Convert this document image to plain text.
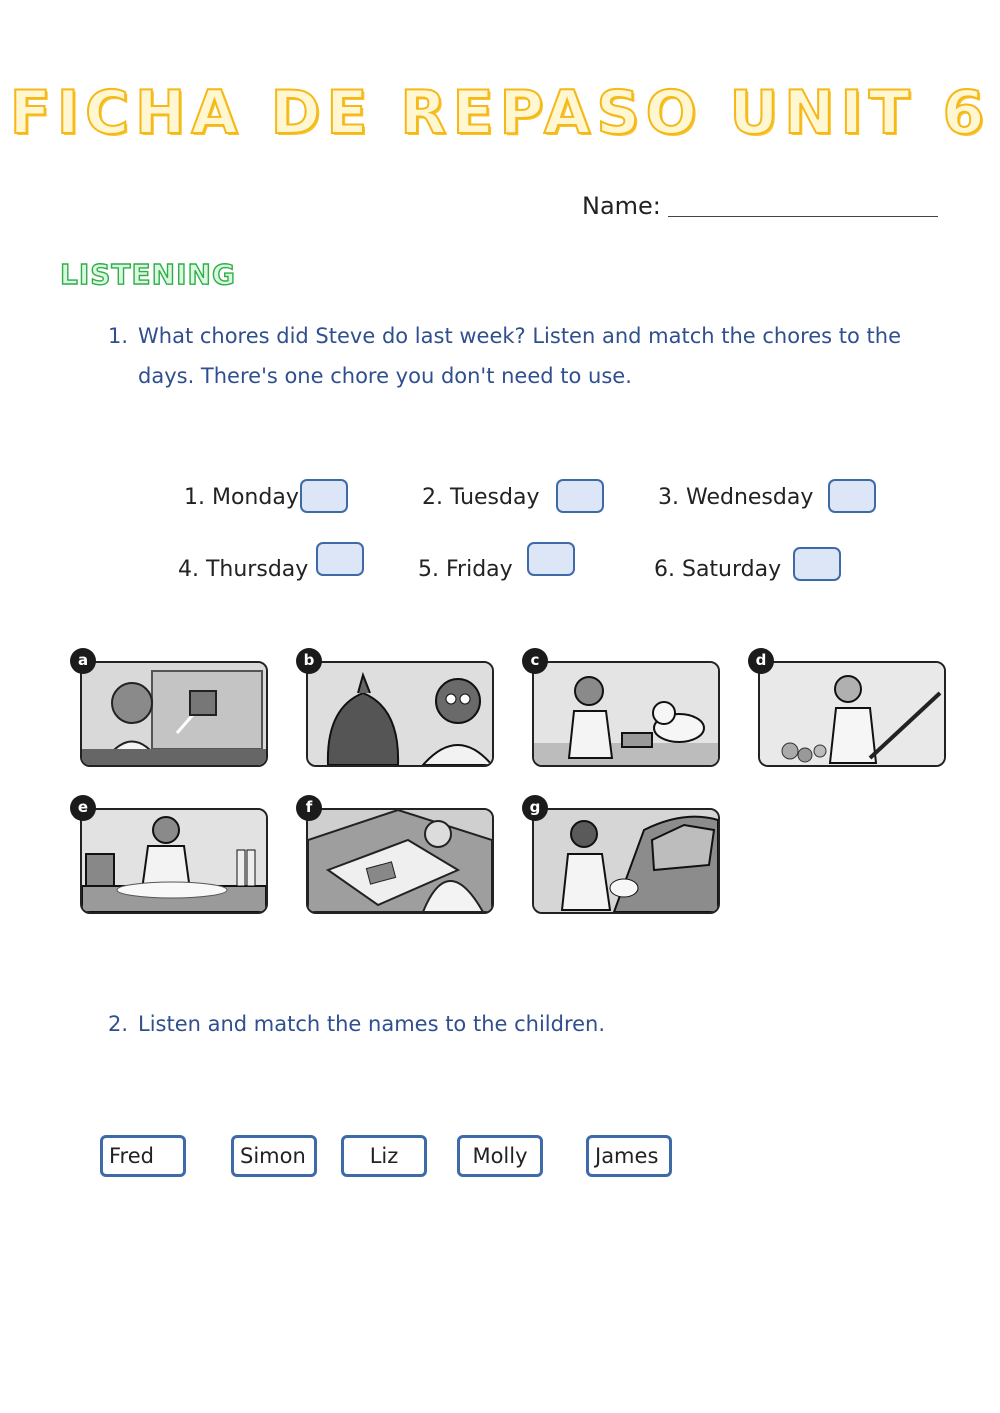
FICHA DE REPASO UNIT 6
Name:
LISTENING
1. What chores did Steve do last week? Listen and match the chores to the days. There's one chore you don't need to use.
1. Monday	2. Tuesday	3. Wednesday
4. Thursday	5. Friday	6. Saturday
a	b	c	d
e	f	g
2. Listen and match the names to the children.
Fred	Simon	Liz	Molly	James
